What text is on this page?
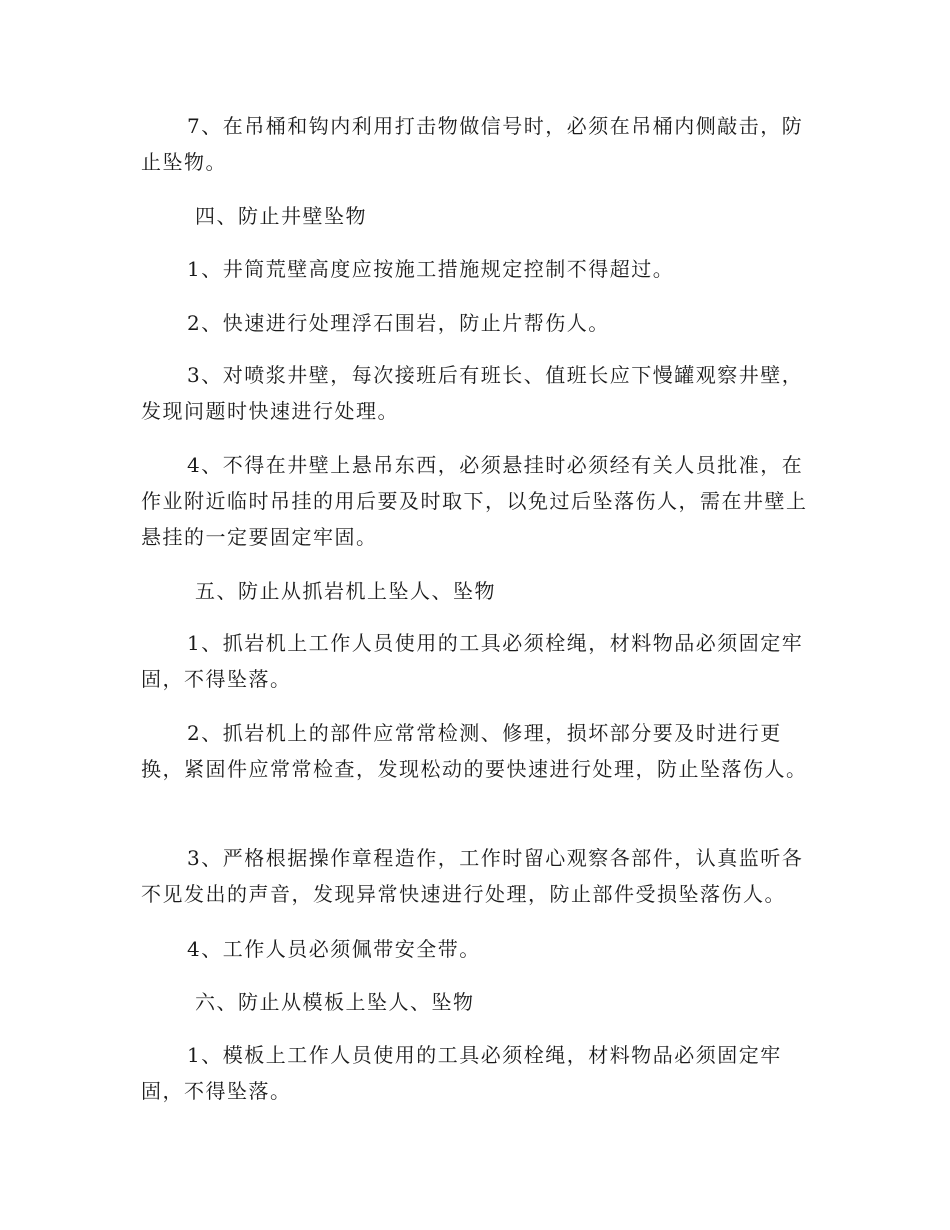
7、在吊桶和钩内利用打击物做信号时，必须在吊桶内侧敲击，防止坠物。

四、防止井壁坠物

1、井筒荒壁高度应按施工措施规定控制不得超过。

2、快速进行处理浮石围岩，防止片帮伤人。

3、对喷浆井壁，每次接班后有班长、值班长应下慢罐观察井壁，发现问题时快速进行处理。

4、不得在井壁上悬吊东西，必须悬挂时必须经有关人员批准，在作业附近临时吊挂的用后要及时取下，以免过后坠落伤人，需在井壁上悬挂的一定要固定牢固。

五、防止从抓岩机上坠人、坠物

1、抓岩机上工作人员使用的工具必须栓绳，材料物品必须固定牢固，不得坠落。

2、抓岩机上的部件应常常检测、修理，损坏部分要及时进行更换，紧固件应常常检查，发现松动的要快速进行处理，防止坠落伤人。

3、严格根据操作章程造作，工作时留心观察各部件，认真监听各不见发出的声音，发现异常快速进行处理，防止部件受损坠落伤人。

4、工作人员必须佩带安全带。

六、防止从模板上坠人、坠物

1、模板上工作人员使用的工具必须栓绳，材料物品必须固定牢固，不得坠落。
